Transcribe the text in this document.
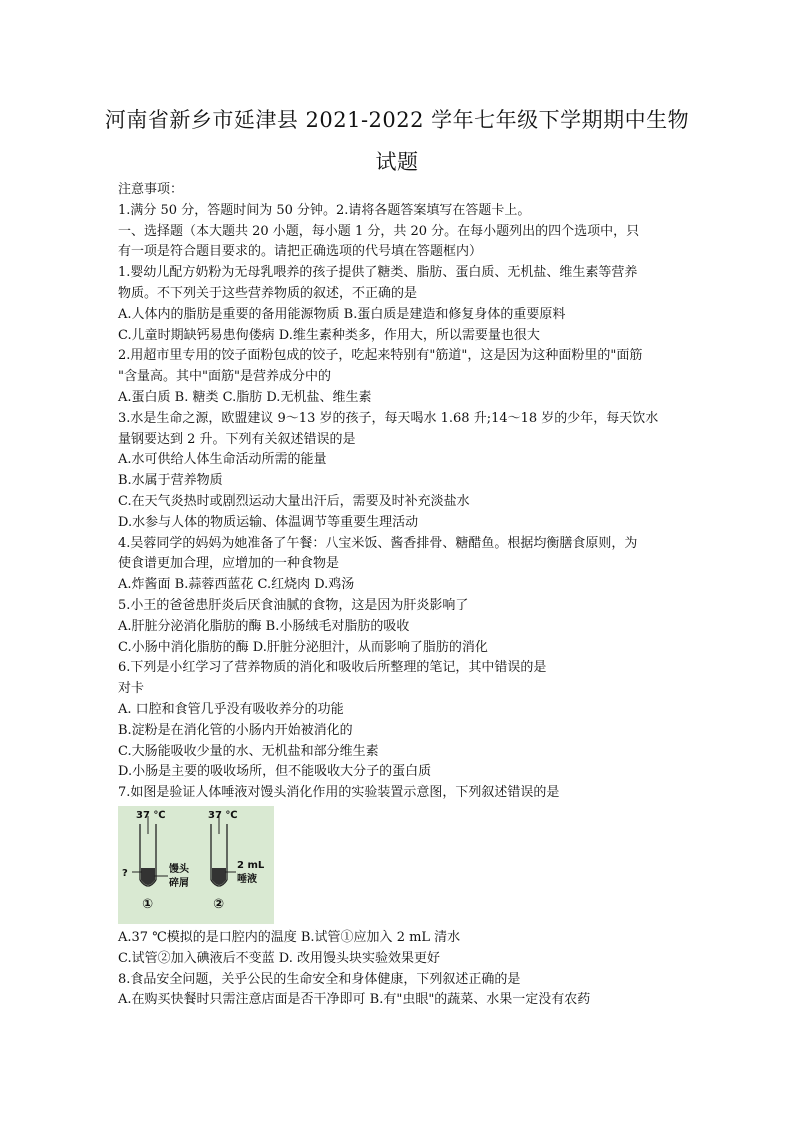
河南省新乡市延津县 2021-2022 学年七年级下学期期中生物
试题
注意事项：
1.满分 50 分，答题时间为 50 分钟。2.请将各题答案填写在答题卡上。
一、选择题（本大题共 20 小题，每小题 1 分，共 20 分。在每小题列出的四个选项中，只
有一项是符合题目要求的。请把正确选项的代号填在答题框内）
1.婴幼儿配方奶粉为无母乳喂养的孩子提供了糖类、脂肪、蛋白质、无机盐、维生素等营养
物质。不下列关于这些营养物质的叙述，不正确的是
A.人体内的脂肪是重要的备用能源物质 B.蛋白质是建造和修复身体的重要原料
C.儿童时期缺钙易患佝偻病 D.维生素种类多，作用大，所以需要量也很大
2.用超市里专用的饺子面粉包成的饺子，吃起来特别有"筋道"，这是因为这种面粉里的"面筋
"含量高。其中"面筋"是营养成分中的
A.蛋白质 B. 糖类 C.脂肪 D.无机盐、维生素
3.水是生命之源，欧盟建议 9～13 岁的孩子，每天喝水 1.68 升;14～18 岁的少年，每天饮水
量钢要达到 2 升。下列有关叙述错误的是
A.水可供给人体生命活动所需的能量
B.水属于营养物质
C.在天气炎热时或剧烈运动大量出汗后，需要及时补充淡盐水
D.水参与人体的物质运输、体温调节等重要生理活动
4.吴蓉同学的妈妈为她准备了午餐：八宝米饭、酱香排骨、糖醋鱼。根据均衡膳食原则，为
使食谱更加合理，应增加的一种食物是
A.炸酱面 B.蒜蓉西蓝花 C.红烧肉 D.鸡汤
5.小王的爸爸患肝炎后厌食油腻的食物，这是因为肝炎影响了
A.肝脏分泌消化脂肪的酶 B.小肠绒毛对脂肪的吸收
C.小肠中消化脂肪的酶 D.肝脏分泌胆汁，从而影响了脂肪的消化
6.下列是小红学习了营养物质的消化和吸收后所整理的笔记，其中错误的是
对卡
A. 口腔和食管几乎没有吸收养分的功能
B.淀粉是在消化管的小肠内开始被消化的
C.大肠能吸收少量的水、无机盐和部分维生素
D.小肠是主要的吸收场所，但不能吸收大分子的蛋白质
7.如图是验证人体唾液对馒头消化作用的实验装置示意图，下列叙述错误的是
37 ℃	37 ℃
?	馒头
碎屑
2 mL
唾液
①	②
A.37 ℃模拟的是口腔内的温度 B.试管①应加入 2 mL 清水
C.试管②加入碘液后不变蓝 D. 改用馒头块实验效果更好
8.食品安全问题，关乎公民的生命安全和身体健康，下列叙述正确的是
A.在购买快餐时只需注意店面是否干净即可 B.有"虫眼"的蔬菜、水果一定没有农药
